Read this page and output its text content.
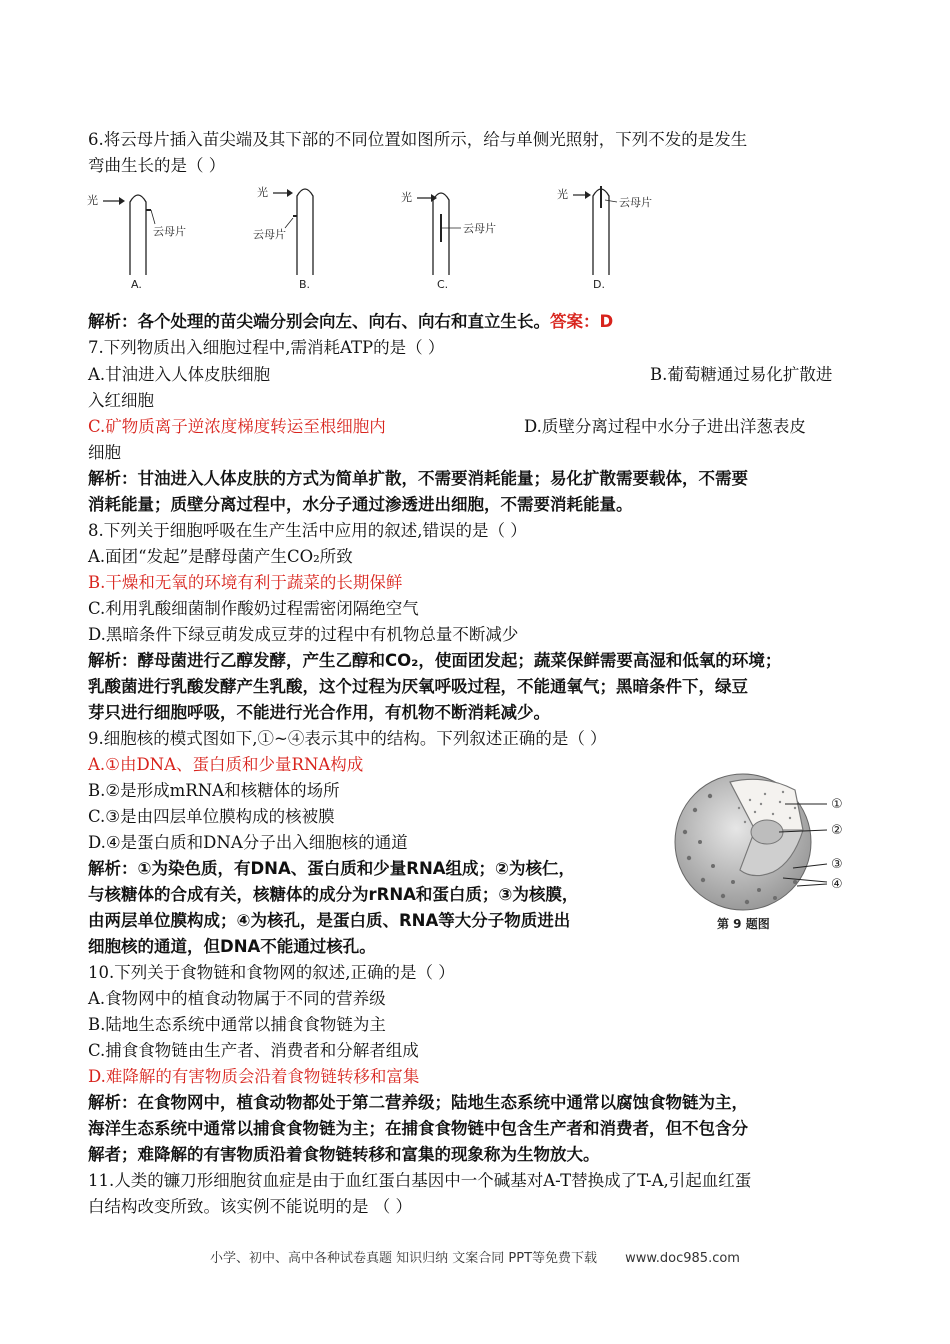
6.将云母片插入苗尖端及其下部的不同位置如图所示，给与单侧光照射，下列不发的是发生
弯曲生长的是（ ）
光
云母片
A.
光
云母片
B.
光
云母片
C.
光
云母片
D.
解析：各个处理的苗尖端分别会向左、向右、向右和直立生长。答案：D
7.下列物质出入细胞过程中,需消耗ATP的是（ ）
A.甘油进入人体皮肤细胞	B.葡萄糖通过易化扩散进
入红细胞
C.矿物质离子逆浓度梯度转运至根细胞内	D.质壁分离过程中水分子进出洋葱表皮
细胞
解析：甘油进入人体皮肤的方式为简单扩散，不需要消耗能量；易化扩散需要载体，不需要
消耗能量；质壁分离过程中，水分子通过渗透进出细胞，不需要消耗能量。
8.下列关于细胞呼吸在生产生活中应用的叙述,错误的是（ ）
A.面团“发起”是酵母菌产生CO₂所致
B.干燥和无氧的环境有利于蔬菜的长期保鲜
C.利用乳酸细菌制作酸奶过程需密闭隔绝空气
D.黑暗条件下绿豆萌发成豆芽的过程中有机物总量不断减少
解析：酵母菌进行乙醇发酵，产生乙醇和CO₂，使面团发起；蔬菜保鲜需要高湿和低氧的环境；
乳酸菌进行乳酸发酵产生乳酸，这个过程为厌氧呼吸过程，不能通氧气；黑暗条件下，绿豆
芽只进行细胞呼吸，不能进行光合作用，有机物不断消耗减少。
9.细胞核的模式图如下,①~④表示其中的结构。下列叙述正确的是（ ）
A.①由DNA、蛋白质和少量RNA构成
B.②是形成mRNA和核糖体的场所
C.③是由四层单位膜构成的核被膜
D.④是蛋白质和DNA分子出入细胞核的通道
解析：①为染色质，有DNA、蛋白质和少量RNA组成；②为核仁，
与核糖体的合成有关，核糖体的成分为rRNA和蛋白质；③为核膜，
由两层单位膜构成；④为核孔，是蛋白质、RNA等大分子物质进出
细胞核的通道，但DNA不能通过核孔。
①
②
③
④
第 9 题图
10.下列关于食物链和食物网的叙述,正确的是（ ）
A.食物网中的植食动物属于不同的营养级
B.陆地生态系统中通常以捕食食物链为主
C.捕食食物链由生产者、消费者和分解者组成
D.难降解的有害物质会沿着食物链转移和富集
解析：在食物网中，植食动物都处于第二营养级；陆地生态系统中通常以腐蚀食物链为主，
海洋生态系统中通常以捕食食物链为主；在捕食食物链中包含生产者和消费者，但不包含分
解者；难降解的有害物质沿着食物链转移和富集的现象称为生物放大。
11.人类的镰刀形细胞贫血症是由于血红蛋白基因中一个碱基对A-T替换成了T-A,引起血红蛋
白结构改变所致。该实例不能说明的是 （ ）
小学、初中、高中各种试卷真题 知识归纳 文案合同 PPT等免费下载 www.doc985.com
